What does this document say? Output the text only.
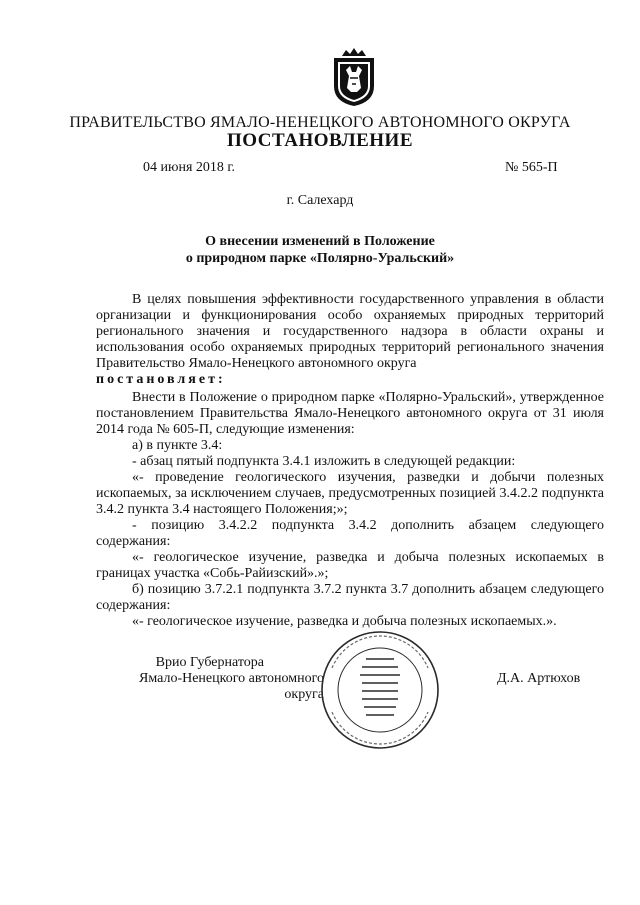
ПРАВИТЕЛЬСТВО ЯМАЛО-НЕНЕЦКОГО АВТОНОМНОГО ОКРУГА
ПОСТАНОВЛЕНИЕ
04 июня 2018 г.	№ 565-П
г. Салехард
О внесении изменений в Положение
о природном парке «Полярно-Уральский»

В целях повышения эффективности государственного управления в области организации и функционирования особо охраняемых природных территорий регионального значения и государственного надзора в области охраны и использования особо охраняемых природных территорий регионального значения Правительство Ямало-Ненецкого автономного округа

постановляет:

Внести в Положение о природном парке «Полярно-Уральский», утвержденное постановлением Правительства Ямало-Ненецкого автономного округа от 31 июля 2014 года № 605-П, следующие изменения:

а) в пункте 3.4:

- абзац пятый подпункта 3.4.1 изложить в следующей редакции:

«- проведение геологического изучения, разведки и добычи полезных ископаемых, за исключением случаев, предусмотренных позицией 3.4.2.2 подпункта 3.4.2 пункта 3.4 настоящего Положения;»;

- позицию 3.4.2.2 подпункта 3.4.2 дополнить абзацем следующего содержания:

«- геологическое изучение, разведка и добыча полезных ископаемых в границах участка «Собь-Райизский».»;

б) позицию 3.7.2.1 подпункта 3.7.2 пункта 3.7 дополнить абзацем следующего содержания:

«- геологическое изучение, разведка и добыча полезных ископаемых.».

Врио Губернатора
Ямало-Ненецкого автономного округа
Д.А. Артюхов
